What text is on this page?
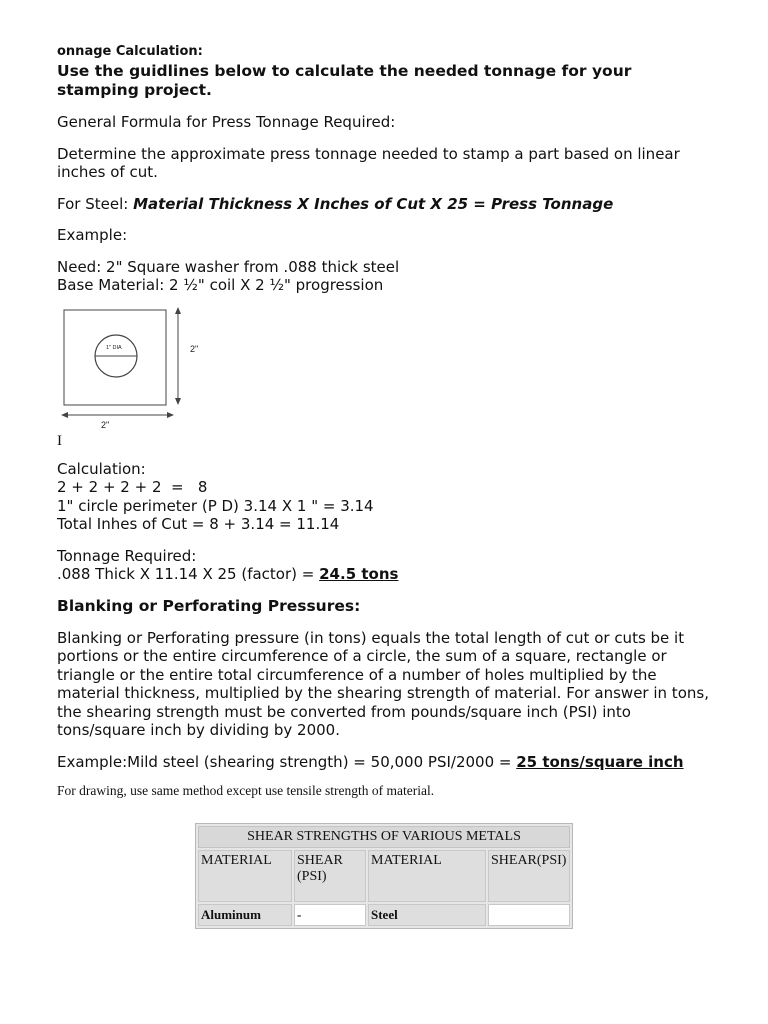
onnage Calculation:

Use the guidlines below to calculate the needed tonnage for your stamping project.

General Formula for Press Tonnage Required:

Determine the approximate press tonnage needed to stamp a part based on linear inches of cut.

For Steel: Material Thickness X Inches of Cut X 25 = Press Tonnage

Example:

Need: 2" Square washer from .088 thick steel

Base Material: 2 ½" coil X 2 ½" progression

1" DIA	2"
2"
I

Calculation:

2 + 2 + 2 + 2  =   8

1" circle perimeter (P D) 3.14 X 1 " = 3.14

Total Inhes of Cut = 8 + 3.14 = 11.14

Tonnage Required:

.088 Thick X 11.14 X 25 (factor) = 24.5 tons

Blanking or Perforating Pressures:

Blanking or Perforating pressure (in tons) equals the total length of cut or cuts be it portions or the entire circumference of a circle, the sum of a square, rectangle or triangle or the entire total circumference of a number of holes multiplied by the material thickness, multiplied by the shearing strength of material. For answer in tons, the shearing strength must be converted from pounds/square inch (PSI) into tons/square inch by dividing by 2000.

Example:Mild steel (shearing strength) = 50,000 PSI/2000 = 25 tons/square inch

For drawing, use same method except use tensile strength of material.

SHEAR STRENGTHS OF VARIOUS METALS			
MATERIAL	SHEAR (PSI)	MATERIAL	SHEAR(PSI)
Aluminum	-	Steel	
